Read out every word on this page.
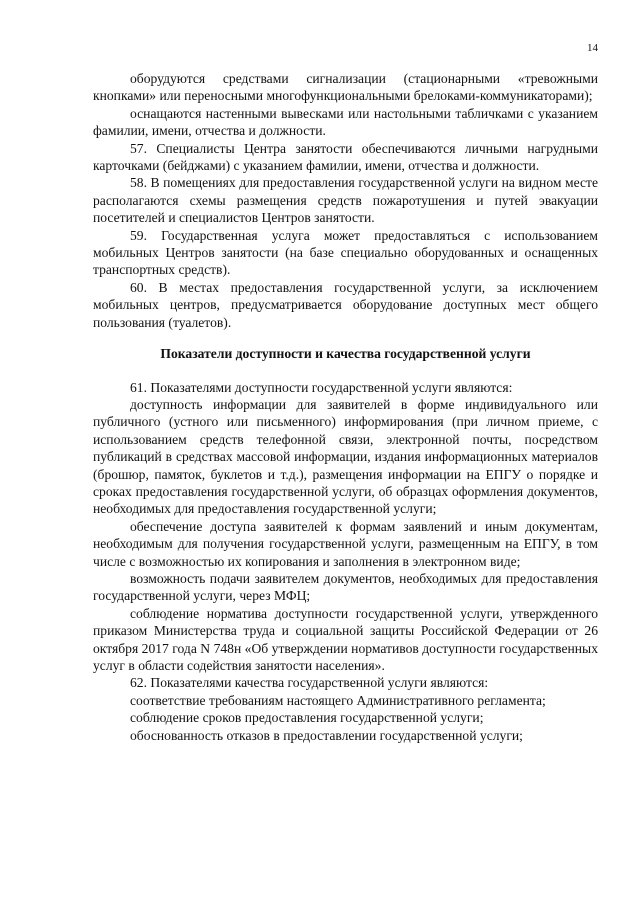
14

оборудуются средствами сигнализации (стационарными «тревожными кнопками» или переносными многофункциональными брелоками-коммуникаторами);

оснащаются настенными вывесками или настольными табличками с указанием фамилии, имени, отчества и должности.

57. Специалисты Центра занятости обеспечиваются личными нагрудными карточками (бейджами) с указанием фамилии, имени, отчества и должности.

58. В помещениях для предоставления государственной услуги на видном месте располагаются схемы размещения средств пожаротушения и путей эвакуации посетителей и специалистов Центров занятости.

59. Государственная услуга может предоставляться с использованием мобильных Центров занятости (на базе специально оборудованных и оснащенных транспортных средств).

60. В местах предоставления государственной услуги, за исключением мобильных центров, предусматривается оборудование доступных мест общего пользования (туалетов).

Показатели доступности и качества государственной услуги

61. Показателями доступности государственной услуги являются:

доступность информации для заявителей в форме индивидуального или публичного (устного или письменного) информирования (при личном приеме, с использованием средств телефонной связи, электронной почты, посредством публикаций в средствах массовой информации, издания информационных материалов (брошюр, памяток, буклетов и т.д.), размещения информации на ЕПГУ о порядке и сроках предоставления государственной услуги, об образцах оформления документов, необходимых для предоставления государственной услуги;

обеспечение доступа заявителей к формам заявлений и иным документам, необходимым для получения государственной услуги, размещенным на ЕПГУ, в том числе с возможностью их копирования и заполнения в электронном виде;

возможность подачи заявителем документов, необходимых для предоставления государственной услуги, через МФЦ;

соблюдение норматива доступности государственной услуги, утвержденного приказом Министерства труда и социальной защиты Российской Федерации от 26 октября 2017 года N 748н «Об утверждении нормативов доступности государственных услуг в области содействия занятости населения».

62. Показателями качества государственной услуги являются:

соответствие требованиям настоящего Административного регламента;

соблюдение сроков предоставления государственной услуги;

обоснованность отказов в предоставлении государственной услуги;
